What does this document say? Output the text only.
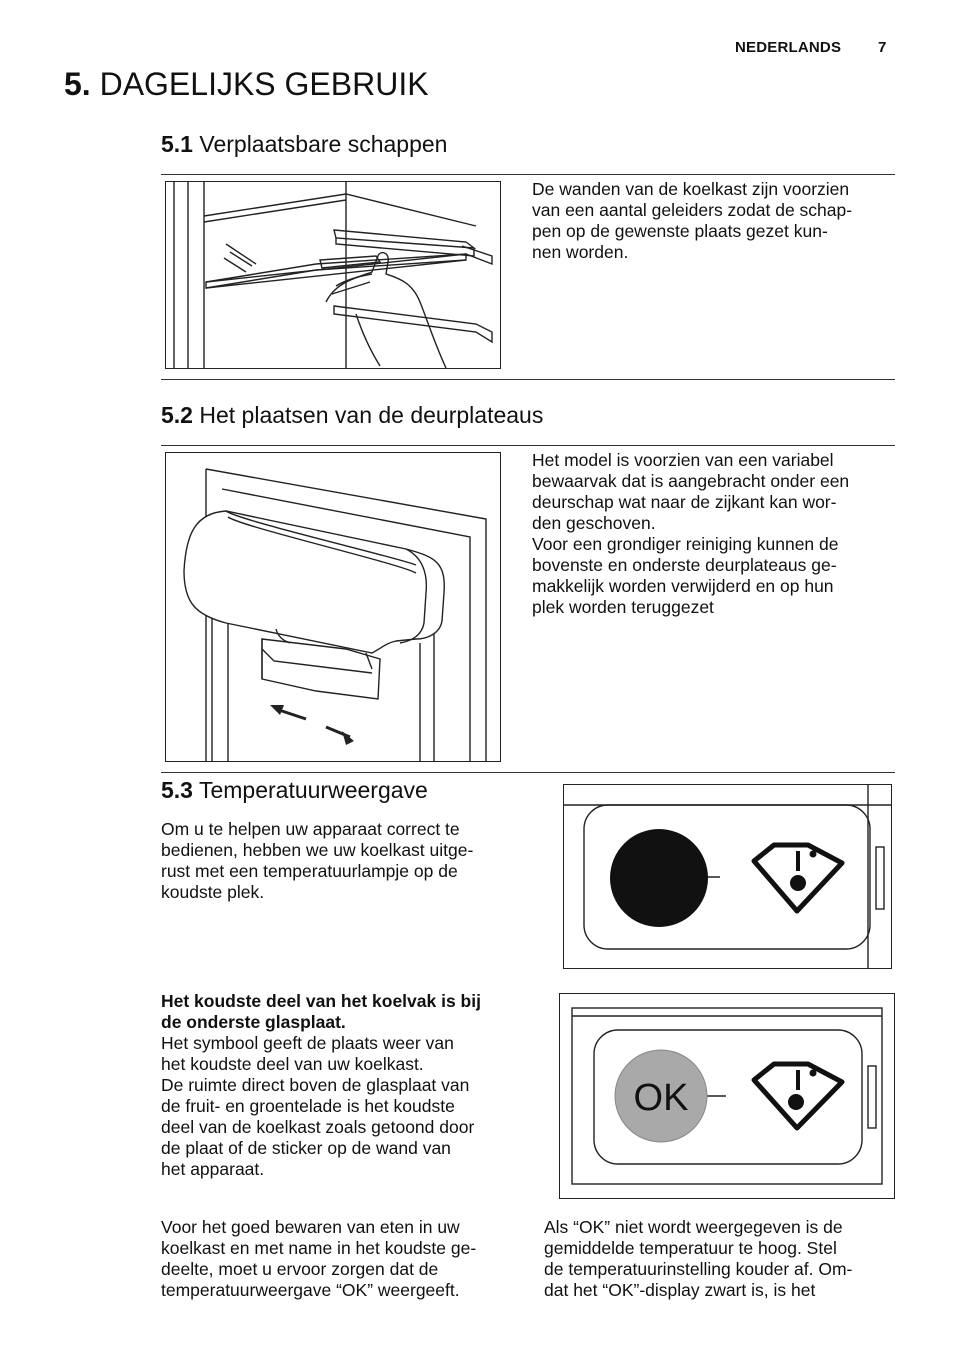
NEDERLANDS 7
5. DAGELIJKS GEBRUIK
5.1 Verplaatsbare schappen
De wanden van de koelkast zijn voorzien
van een aantal geleiders zodat de schap-
pen op de gewenste plaats gezet kun-
nen worden.
5.2 Het plaatsen van de deurplateaus
Het model is voorzien van een variabel
bewaarvak dat is aangebracht onder een
deurschap wat naar de zijkant kan wor-
den geschoven.
Voor een grondiger reiniging kunnen de
bovenste en onderste deurplateaus ge-
makkelijk worden verwijderd en op hun
plek worden teruggezet
5.3 Temperatuurweergave
Om u te helpen uw apparaat correct te
bedienen, hebben we uw koelkast uitge-
rust met een temperatuurlampje op de
koudste plek.
Het koudste deel van het koelvak is bij
de onderste glasplaat.
Het symbool geeft de plaats weer van
het koudste deel van uw koelkast.
De ruimte direct boven de glasplaat van
de fruit- en groentelade is het koudste
deel van de koelkast zoals getoond door
de plaat of de sticker op de wand van
het apparaat.
OK
Voor het goed bewaren van eten in uw
koelkast en met name in het koudste ge-
deelte, moet u ervoor zorgen dat de
temperatuurweergave “OK” weergeeft.
Als “OK” niet wordt weergegeven is de
gemiddelde temperatuur te hoog. Stel
de temperatuurinstelling kouder af. Om-
dat het “OK”-display zwart is, is het
